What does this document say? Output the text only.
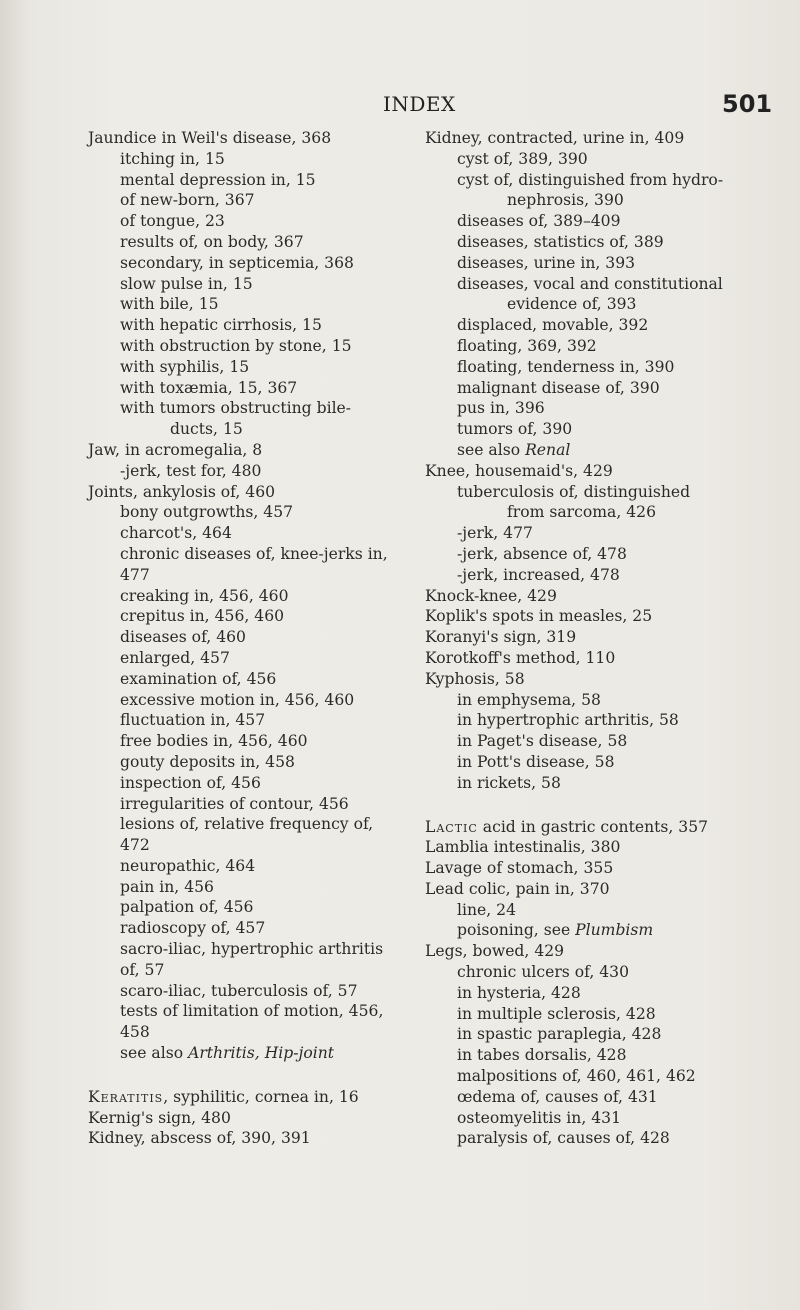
INDEX	501
Jaundice in Weil's disease, 368
itching in, 15
mental depression in, 15
of new-born, 367
of tongue, 23
results of, on body, 367
secondary, in septicemia, 368
slow pulse in, 15
with bile, 15
with hepatic cirrhosis, 15
with obstruction by stone, 15
with syphilis, 15
with toxæmia, 15, 367
with tumors obstructing bile-
ducts, 15
Jaw, in acromegalia, 8
-jerk, test for, 480
Joints, ankylosis of, 460
bony outgrowths, 457
charcot's, 464
chronic diseases of, knee-jerks in,
477
creaking in, 456, 460
crepitus in, 456, 460
diseases of, 460
enlarged, 457
examination of, 456
excessive motion in, 456, 460
fluctuation in, 457
free bodies in, 456, 460
gouty deposits in, 458
inspection of, 456
irregularities of contour, 456
lesions of, relative frequency of,
472
neuropathic, 464
pain in, 456
palpation of, 456
radioscopy of, 457
sacro-iliac, hypertrophic arthritis
of, 57
scaro-iliac, tuberculosis of, 57
tests of limitation of motion, 456,
458
see also Arthritis, Hip-joint
Keratitis, syphilitic, cornea in, 16
Kernig's sign, 480
Kidney, abscess of, 390, 391
Kidney, contracted, urine in, 409
cyst of, 389, 390
cyst of, distinguished from hydro-
nephrosis, 390
diseases of, 389–409
diseases, statistics of, 389
diseases, urine in, 393
diseases, vocal and constitutional
evidence of, 393
displaced, movable, 392
floating, 369, 392
floating, tenderness in, 390
malignant disease of, 390
pus in, 396
tumors of, 390
see also Renal
Knee, housemaid's, 429
tuberculosis of, distinguished
from sarcoma, 426
-jerk, 477
-jerk, absence of, 478
-jerk, increased, 478
Knock-knee, 429
Koplik's spots in measles, 25
Koranyi's sign, 319
Korotkoff's method, 110
Kyphosis, 58
in emphysema, 58
in hypertrophic arthritis, 58
in Paget's disease, 58
in Pott's disease, 58
in rickets, 58
Lactic acid in gastric contents, 357
Lamblia intestinalis, 380
Lavage of stomach, 355
Lead colic, pain in, 370
line, 24
poisoning, see Plumbism
Legs, bowed, 429
chronic ulcers of, 430
in hysteria, 428
in multiple sclerosis, 428
in spastic paraplegia, 428
in tabes dorsalis, 428
malpositions of, 460, 461, 462
œdema of, causes of, 431
osteomyelitis in, 431
paralysis of, causes of, 428
